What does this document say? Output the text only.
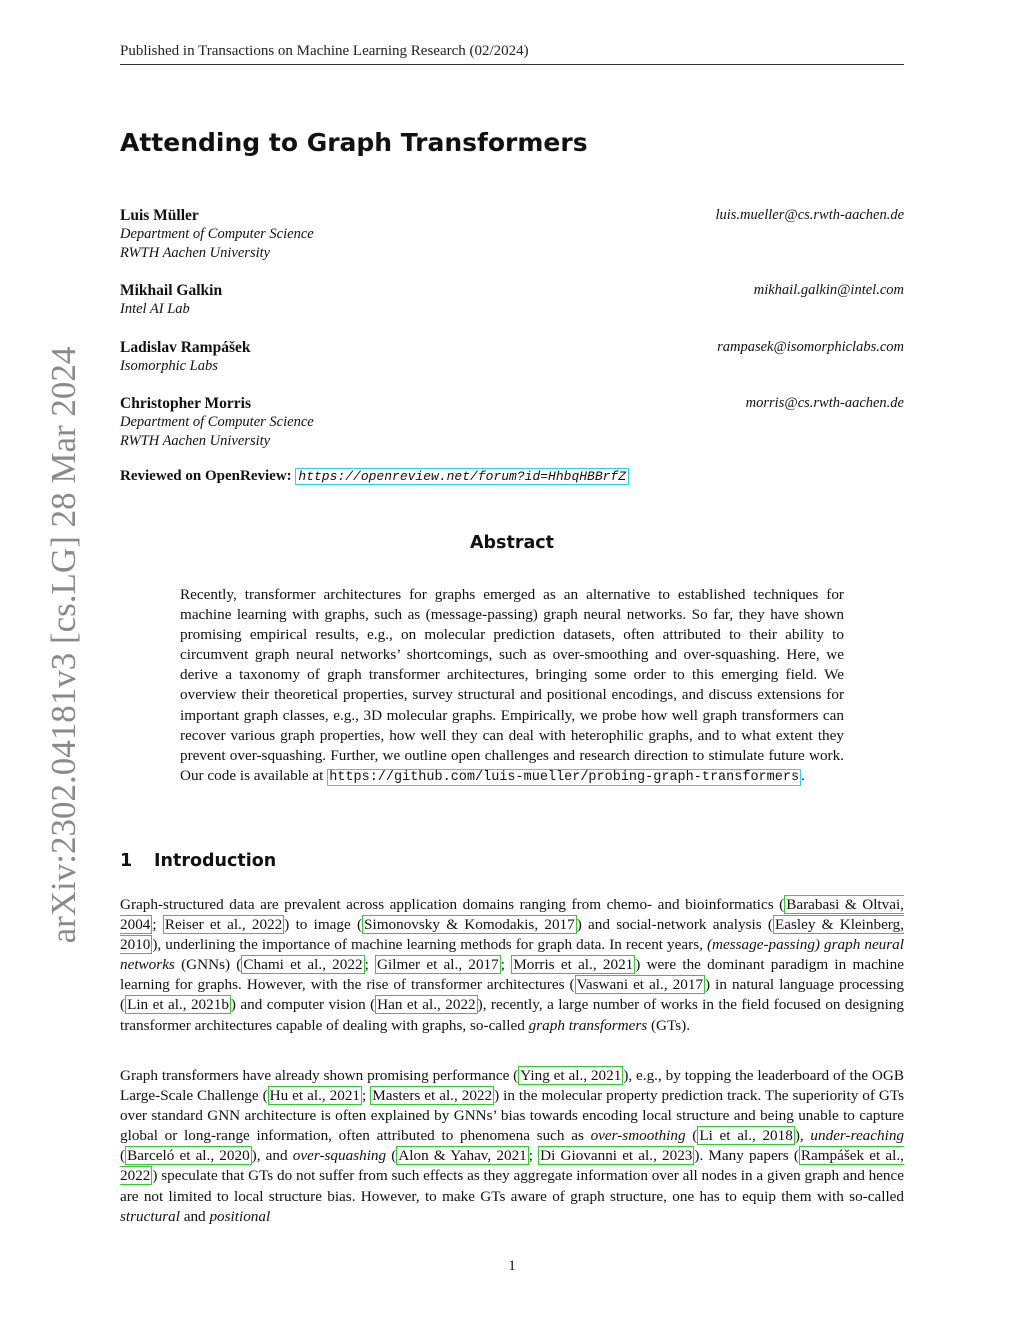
Published in Transactions on Machine Learning Research (02/2024)
arXiv:2302.04181v3 [cs.LG] 28 Mar 2024
Attending to Graph Transformers
Luis Müller	luis.mueller@cs.rwth-aachen.de
Department of Computer Science
RWTH Aachen University
Mikhail Galkin	mikhail.galkin@intel.com
Intel AI Lab
Ladislav Rampášek	rampasek@isomorphiclabs.com
Isomorphic Labs
Christopher Morris	morris@cs.rwth-aachen.de
Department of Computer Science
RWTH Aachen University
Reviewed on OpenReview: https://openreview.net/forum?id=HhbqHBBrfZ
Abstract

Recently, transformer architectures for graphs emerged as an alternative to established techniques for machine learning with graphs, such as (message-passing) graph neural networks. So far, they have shown promising empirical results, e.g., on molecular prediction datasets, often attributed to their ability to circumvent graph neural networks’ shortcomings, such as over-smoothing and over-squashing. Here, we derive a taxonomy of graph transformer architectures, bringing some order to this emerging field. We overview their theoretical properties, survey structural and positional encodings, and discuss extensions for important graph classes, e.g., 3D molecular graphs. Empirically, we probe how well graph transformers can recover various graph properties, how well they can deal with heterophilic graphs, and to what extent they prevent over-squashing. Further, we outline open challenges and research direction to stimulate future work. Our code is available at https://github.com/luis-mueller/probing-graph-transformers .

1 Introduction

Graph-structured data are prevalent across application domains ranging from chemo- and bioinformatics ( Barabasi & Oltvai, 2004 ; Reiser et al., 2022 ) to image ( Simonovsky & Komodakis, 2017 ) and social-network analysis ( Easley & Kleinberg, 2010 ), underlining the importance of machine learning methods for graph data. In recent years, (message-passing) graph neural networks (GNNs) ( Chami et al., 2022 ; Gilmer et al., 2017 ; Morris et al., 2021 ) were the dominant paradigm in machine learning for graphs. However, with the rise of transformer architectures ( Vaswani et al., 2017 ) in natural language processing ( Lin et al., 2021b ) and computer vision ( Han et al., 2022 ), recently, a large number of works in the field focused on designing transformer architectures capable of dealing with graphs, so-called graph transformers (GTs).

Graph transformers have already shown promising performance ( Ying et al., 2021 ), e.g., by topping the leaderboard of the OGB Large-Scale Challenge ( Hu et al., 2021 ; Masters et al., 2022 ) in the molecular property prediction track. The superiority of GTs over standard GNN architecture is often explained by GNNs’ bias towards encoding local structure and being unable to capture global or long-range information, often attributed to phenomena such as over-smoothing ( Li et al., 2018 ), under-reaching ( Barceló et al., 2020 ), and over-squashing ( Alon & Yahav, 2021 ; Di Giovanni et al., 2023 ). Many papers ( Rampášek et al., 2022 ) speculate that GTs do not suffer from such effects as they aggregate information over all nodes in a given graph and hence are not limited to local structure bias. However, to make GTs aware of graph structure, one has to equip them with so-called structural and positional

1
